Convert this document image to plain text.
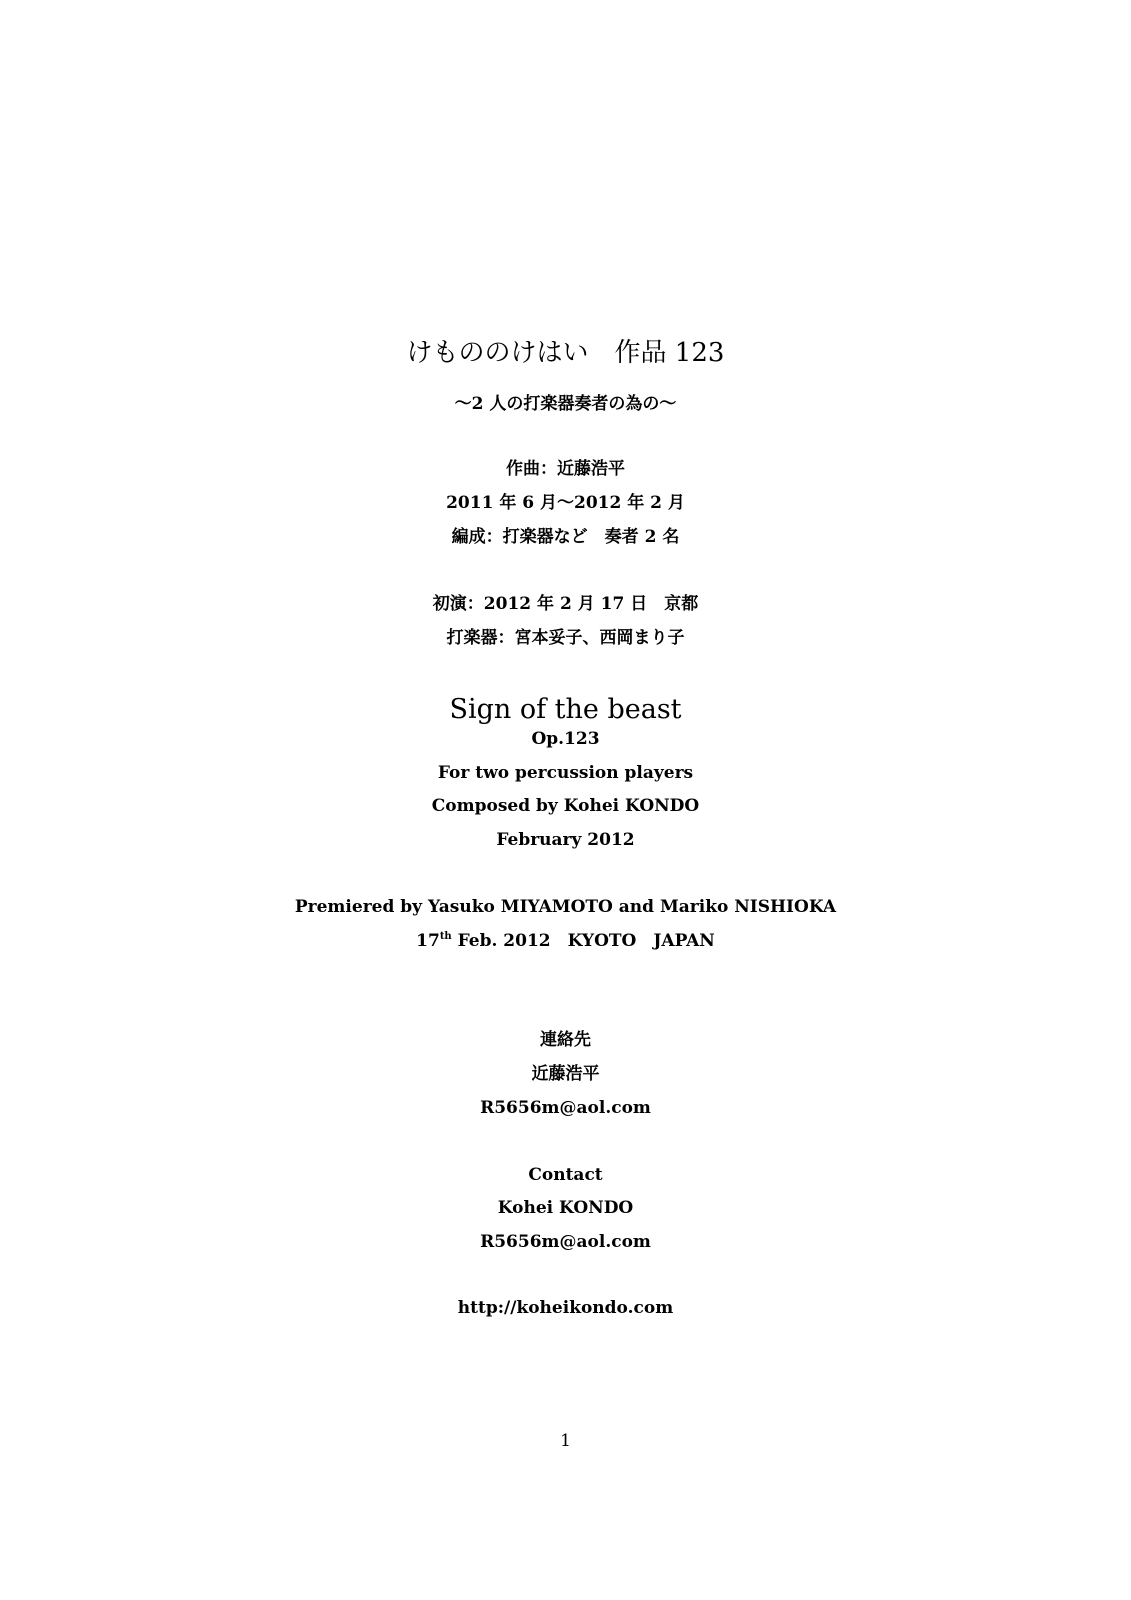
けもののけはい　作品 123
～2 人の打楽器奏者の為の～
作曲：近藤浩平
2011 年 6 月～2012 年 2 月
編成：打楽器など　奏者 2 名
初演：2012 年 2 月 17 日　京都
打楽器：宮本妥子、西岡まり子
Sign of the beast
Op.123
For two percussion players
Composed by Kohei KONDO
February 2012
Premiered by Yasuko MIYAMOTO and Mariko NISHIOKA
17th Feb. 2012　KYOTO　JAPAN
連絡先
近藤浩平
R5656m@aol.com
Contact
Kohei KONDO
R5656m@aol.com
http://koheikondo.com
1
